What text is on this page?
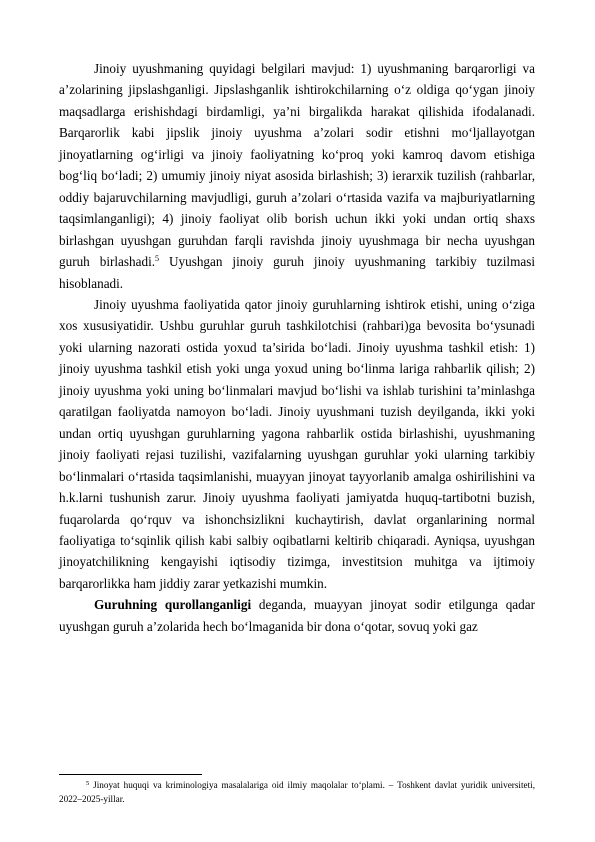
Jinoiy uyushmaning quyidagi belgilari mavjud: 1) uyushmaning barqarorligi va a’zolarining jipslashganligi. Jipslashganlik ishtirokchilarning o‘z oldiga qo‘ygan jinoiy maqsadlarga erishishdagi birdamligi, ya’ni birgalikda harakat qilishida ifodalanadi. Barqarorlik kabi jipslik jinoiy uyushma a’zolari sodir etishni mo‘ljallayotgan jinoyatlarning og‘irligi va jinoiy faoliyatning ko‘proq yoki kamroq davom etishiga bog‘liq bo‘ladi; 2) umumiy jinoiy niyat asosida birlashish; 3) ierarxik tuzilish (rahbarlar, oddiy bajaruvchilarning mavjudligi, guruh a’zolari o‘rtasida vazifa va majburiyatlarning taqsimlanganligi); 4) jinoiy faoliyat olib borish uchun ikki yoki undan ortiq shaxs birlashgan uyushgan guruhdan farqli ravishda jinoiy uyushmaga bir necha uyushgan guruh birlashadi.$^5$ Uyushgan jinoiy guruh jinoiy uyushmaning tarkibiy tuzilmasi hisoblanadi.

Jinoiy uyushma faoliyatida qator jinoiy guruhlarning ishtirok etishi, uning o‘ziga xos xususiyatidir. Ushbu guruhlar guruh tashkilotchisi (rahbari)ga bevosita bo‘ysunadi yoki ularning nazorati ostida yoxud ta’sirida bo‘ladi. Jinoiy uyushma tashkil etish: 1) jinoiy uyushma tashkil etish yoki unga yoxud uning bo‘linma lariga rahbarlik qilish; 2) jinoiy uyushma yoki uning bo‘linmalari mavjud bo‘lishi va ishlab turishini ta’minlashga qaratilgan faoliyatda namoyon bo‘ladi. Jinoiy uyushmani tuzish deyilganda, ikki yoki undan ortiq uyushgan guruhlarning yagona rahbarlik ostida birlashishi, uyushmaning jinoiy faoliyati rejasi tuzilishi, vazifalarning uyushgan guruhlar yoki ularning tarkibiy bo‘linmalari o‘rtasida taqsimlanishi, muayyan jinoyat tayyorlanib amalga oshirilishini va h.k.larni tushunish zarur. Jinoiy uyushma faoliyati jamiyatda huquq-tartibotni buzish, fuqarolarda qo‘rquv va ishonchsizlikni kuchaytirish, davlat organlarining normal faoliyatiga to‘sqinlik qilish kabi salbiy oqibatlarni keltirib chiqaradi. Ayniqsa, uyushgan jinoyatchilikning kengayishi iqtisodiy tizimga, investitsion muhitga va ijtimoiy barqarorlikka ham jiddiy zarar yetkazishi mumkin.

Guruhning qurollanganligi deganda, muayyan jinoyat sodir etilgunga qadar uyushgan guruh a’zolarida hech bo‘lmaganida bir dona o‘qotar, sovuq yoki gaz

$^5$ Jinoyat huquqi va kriminologiya masalalariga oid ilmiy maqolalar to‘plami. – Toshkent davlat yuridik universiteti, 2022–2025-yillar.
